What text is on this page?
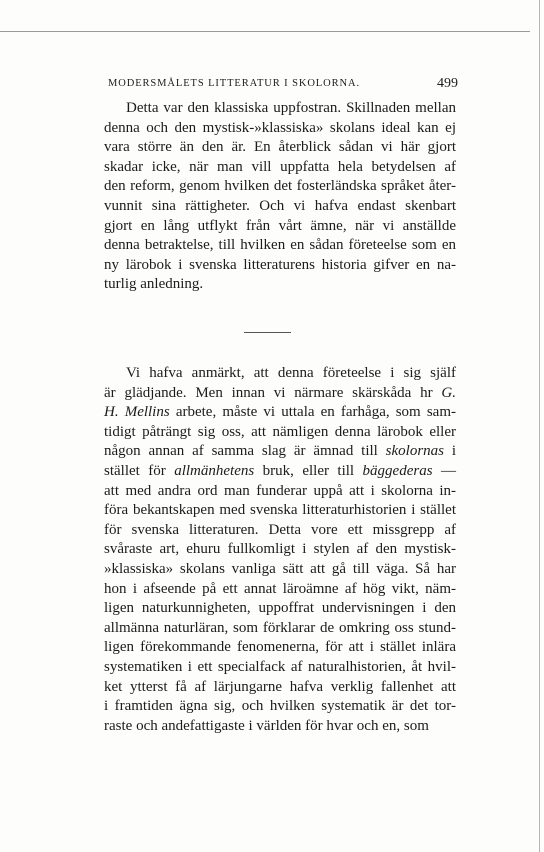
MODERSMÅLETS LITTERATUR I SKOLORNA.	499
Detta var den klassiska uppfostran. Skillnaden mellan
denna och den mystisk-»klassiska» skolans ideal kan ej
vara större än den är. En återblick sådan vi här gjort
skadar icke, när man vill uppfatta hela betydelsen af
den reform, genom hvilken det fosterländska språket åter-
vunnit sina rättigheter. Och vi hafva endast skenbart
gjort en lång utflykt från vårt ämne, när vi anställde
denna betraktelse, till hvilken en sådan företeelse som en
ny lärobok i svenska litteraturens historia gifver en na-
turlig anledning.
Vi hafva anmärkt, att denna företeelse i sig själf
är glädjande. Men innan vi närmare skärskåda hr G.
H. Mellins arbete, måste vi uttala en farhåga, som sam-
tidigt påträngt sig oss, att nämligen denna lärobok eller
någon annan af samma slag är ämnad till skolornas i
stället för allmänhetens bruk, eller till bäggederas —
att med andra ord man funderar uppå att i skolorna in-
föra bekantskapen med svenska litteraturhistorien i stället
för svenska litteraturen. Detta vore ett missgrepp af
svåraste art, ehuru fullkomligt i stylen af den mystisk-
»klassiska» skolans vanliga sätt att gå till väga. Så har
hon i afseende på ett annat läroämne af hög vikt, näm-
ligen naturkunnigheten, uppoffrat undervisningen i den
allmänna naturläran, som förklarar de omkring oss stund-
ligen förekommande fenomenerna, för att i stället inlära
systematiken i ett specialfack af naturalhistorien, åt hvil-
ket ytterst få af lärjungarne hafva verklig fallenhet att
i framtiden ägna sig, och hvilken systematik är det tor-
raste och andefattigaste i världen för hvar och en, som
